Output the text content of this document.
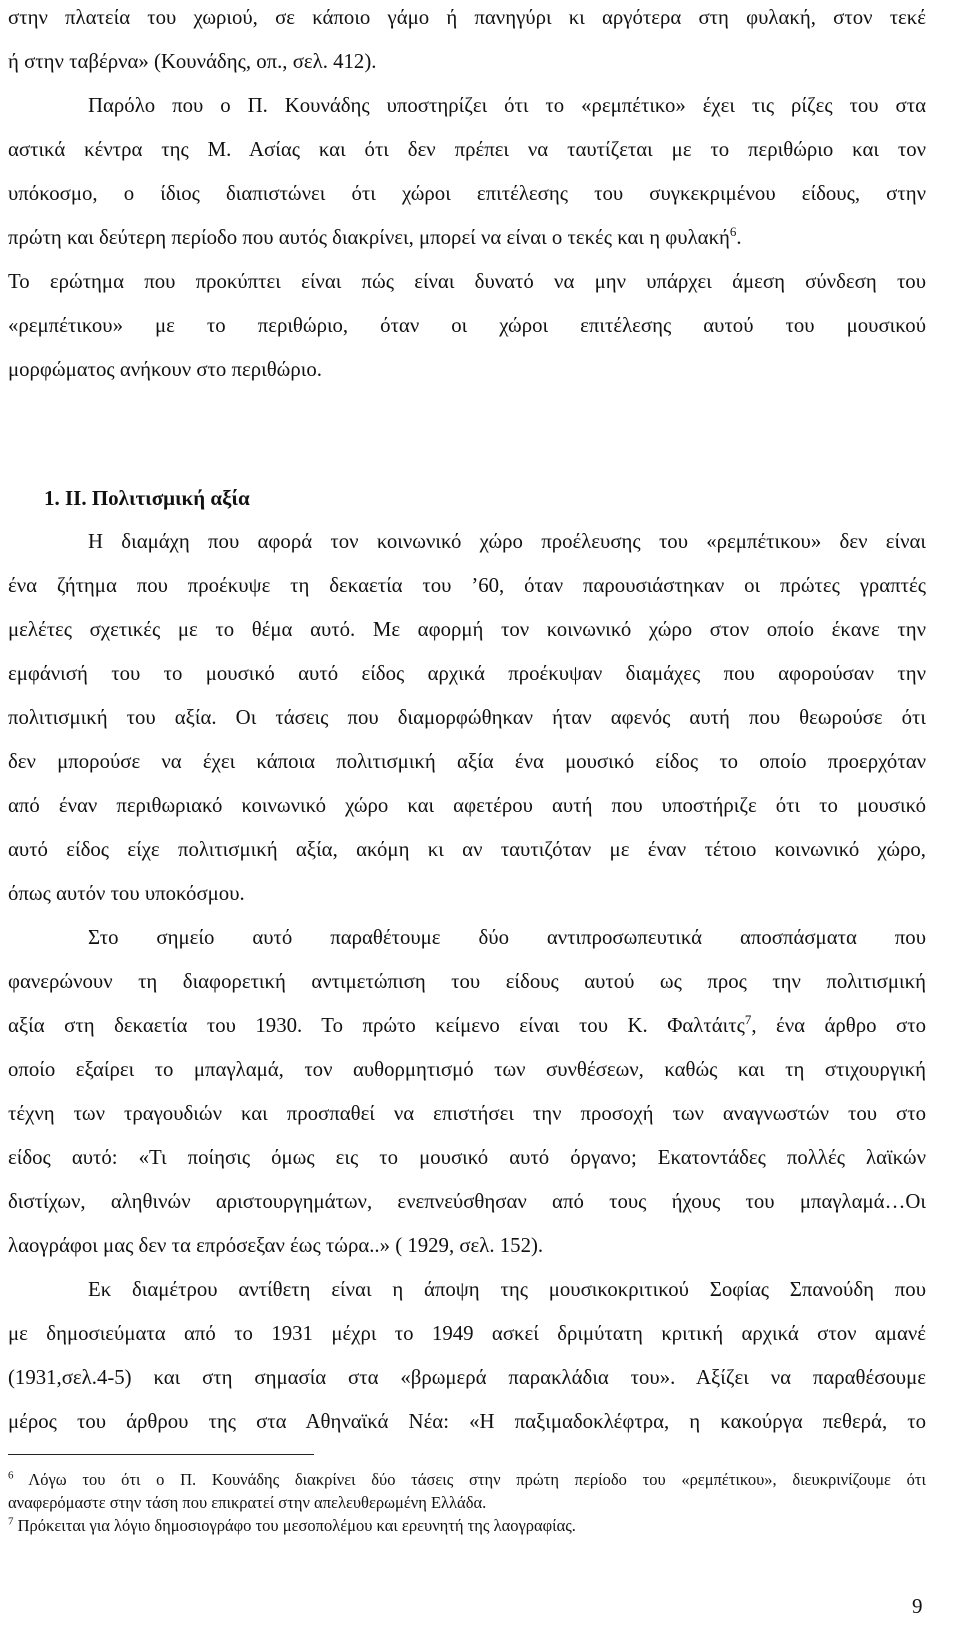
στην πλατεία του χωριού, σε κάποιο γάμο ή πανηγύρι κι αργότερα στη φυλακή, στον τεκέ
ή στην ταβέρνα» (Κουνάδης, οπ., σελ. 412).
Παρόλο που ο Π. Κουνάδης υποστηρίζει ότι το «ρεμπέτικο» έχει τις ρίζες του στα
αστικά κέντρα της Μ. Ασίας και ότι δεν πρέπει να ταυτίζεται με το περιθώριο και τον
υπόκοσμο, ο ίδιος διαπιστώνει ότι χώροι επιτέλεσης του συγκεκριμένου είδους, στην
πρώτη και δεύτερη περίοδο που αυτός διακρίνει, μπορεί να είναι ο τεκές και η φυλακή$^6$.
Το ερώτημα που προκύπτει είναι πώς είναι δυνατό να μην υπάρχει άμεση σύνδεση του
«ρεμπέτικου» με το περιθώριο, όταν οι χώροι επιτέλεσης αυτού του μουσικού
μορφώματος ανήκουν στο περιθώριο.
1. ΙΙ. Πολιτισμική αξία
Η διαμάχη που αφορά τον κοινωνικό χώρο προέλευσης του «ρεμπέτικου» δεν είναι
ένα ζήτημα που προέκυψε τη δεκαετία του ’60, όταν παρουσιάστηκαν οι πρώτες γραπτές
μελέτες σχετικές με το θέμα αυτό. Με αφορμή τον κοινωνικό χώρο στον οποίο έκανε την
εμφάνισή του το μουσικό αυτό είδος αρχικά προέκυψαν διαμάχες που αφορούσαν την
πολιτισμική του αξία. Οι τάσεις που διαμορφώθηκαν ήταν αφενός αυτή που θεωρούσε ότι
δεν μπορούσε να έχει κάποια πολιτισμική αξία ένα μουσικό είδος το οποίο προερχόταν
από έναν περιθωριακό κοινωνικό χώρο και αφετέρου αυτή που υποστήριζε ότι το μουσικό
αυτό είδος είχε πολιτισμική αξία, ακόμη κι αν ταυτιζόταν με έναν τέτοιο κοινωνικό χώρο,
όπως αυτόν του υποκόσμου.
Στο σημείο αυτό παραθέτουμε δύο αντιπροσωπευτικά αποσπάσματα που
φανερώνουν τη διαφορετική αντιμετώπιση του είδους αυτού ως προς την πολιτισμική
αξία στη δεκαετία του 1930. Το πρώτο κείμενο είναι του Κ. Φαλτάιτς$^7$, ένα άρθρο στο
οποίο εξαίρει το μπαγλαμά, τον αυθορμητισμό των συνθέσεων, καθώς και τη στιχουργική
τέχνη των τραγουδιών και προσπαθεί να επιστήσει την προσοχή των αναγνωστών του στο
είδος αυτό: «Τι ποίησις όμως εις το μουσικό αυτό όργανο; Εκατοντάδες πολλές λαϊκών
διστίχων, αληθινών αριστουργημάτων, ενεπνεύσθησαν από τους ήχους του μπαγλαμά…Οι
λαογράφοι μας δεν τα επρόσεξαν έως τώρα..» ( 1929, σελ. 152).
Εκ διαμέτρου αντίθετη είναι η άποψη της μουσικοκριτικού Σοφίας Σπανούδη που
με δημοσιεύματα από το 1931 μέχρι το 1949 ασκεί δριμύτατη κριτική αρχικά στον αμανέ
(1931,σελ.4-5) και στη σημασία στα «βρωμερά παρακλάδια του». Αξίζει να παραθέσουμε
μέρος του άρθρου της στα Αθηναϊκά Νέα: «Η παξιμαδοκλέφτρα, η κακούργα πεθερά, το
$^6$ Λόγω του ότι ο Π. Κουνάδης διακρίνει δύο τάσεις στην πρώτη περίοδο του «ρεμπέτικου», διευκρινίζουμε ότι
αναφερόμαστε στην τάση που επικρατεί στην απελευθερωμένη Ελλάδα.
$^7$ Πρόκειται για λόγιο δημοσιογράφο του μεσοπολέμου και ερευνητή της λαογραφίας.
9
